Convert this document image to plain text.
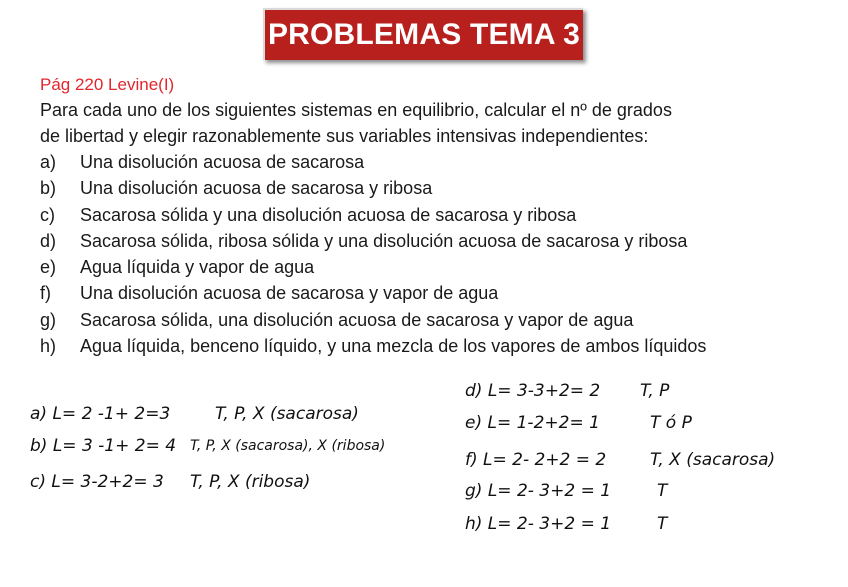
PROBLEMAS TEMA 3
Pág 220 Levine(I)
Para cada uno de los siguientes sistemas en equilibrio, calcular el nº de grados
de libertad y elegir razonablemente sus variables intensivas independientes:
a)	Una disolución acuosa de sacarosa
b)	Una disolución acuosa de sacarosa y ribosa
c)	Sacarosa sólida y una disolución acuosa de sacarosa y ribosa
d)	Sacarosa sólida, ribosa sólida y una disolución acuosa de sacarosa y ribosa
e)	Agua líquida y vapor de agua
f)	Una disolución acuosa de sacarosa y vapor de agua
g)	Sacarosa sólida, una disolución acuosa de sacarosa y vapor de agua
h)	Agua líquida, benceno líquido, y una mezcla de los vapores de ambos líquidos
a) L= 2 -1+ 2=3	T, P, X (sacarosa)
b) L= 3 -1+ 2= 4 T, P, X (sacarosa), X (ribosa)
c) L= 3-2+2= 3 T, P, X (ribosa)
d) L= 3-3+2= 2 T, P
e) L= 1-2+2= 1	T ó P
f) L= 2- 2+2 = 2	T, X (sacarosa)
g) L= 2- 3+2 = 1	T
h) L= 2- 3+2 = 1	T
